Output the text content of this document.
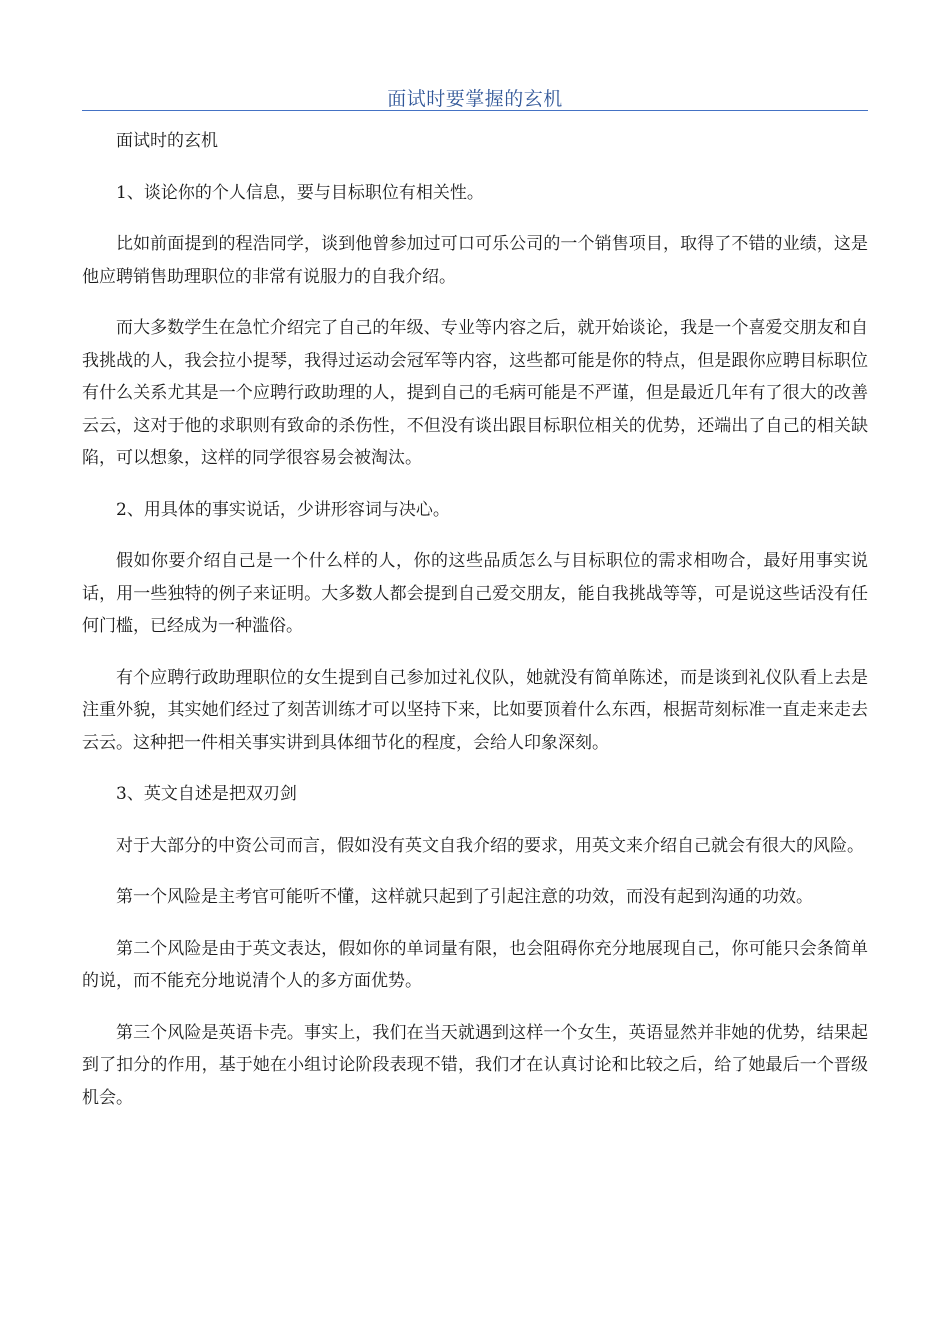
面试时要掌握的玄机

面试时的玄机

1、谈论你的个人信息，要与目标职位有相关性。

比如前面提到的程浩同学，谈到他曾参加过可口可乐公司的一个销售项目，取得了不错的业绩，这是他应聘销售助理职位的非常有说服力的自我介绍。

而大多数学生在急忙介绍完了自己的年级、专业等内容之后，就开始谈论，我是一个喜爱交朋友和自我挑战的人，我会拉小提琴，我得过运动会冠军等内容，这些都可能是你的特点，但是跟你应聘目标职位有什么关系尤其是一个应聘行政助理的人，提到自己的毛病可能是不严谨，但是最近几年有了很大的改善云云，这对于他的求职则有致命的杀伤性，不但没有谈出跟目标职位相关的优势，还端出了自己的相关缺陷，可以想象，这样的同学很容易会被淘汰。

2、用具体的事实说话，少讲形容词与决心。

假如你要介绍自己是一个什么样的人，你的这些品质怎么与目标职位的需求相吻合，最好用事实说话，用一些独特的例子来证明。大多数人都会提到自己爱交朋友，能自我挑战等等，可是说这些话没有任何门槛，已经成为一种滥俗。

有个应聘行政助理职位的女生提到自己参加过礼仪队，她就没有简单陈述，而是谈到礼仪队看上去是注重外貌，其实她们经过了刻苦训练才可以坚持下来，比如要顶着什么东西，根据苛刻标准一直走来走去云云。这种把一件相关事实讲到具体细节化的程度，会给人印象深刻。

3、英文自述是把双刃剑

对于大部分的中资公司而言，假如没有英文自我介绍的要求，用英文来介绍自己就会有很大的风险。

第一个风险是主考官可能听不懂，这样就只起到了引起注意的功效，而没有起到沟通的功效。

第二个风险是由于英文表达，假如你的单词量有限，也会阻碍你充分地展现自己，你可能只会条简单的说，而不能充分地说清个人的多方面优势。

第三个风险是英语卡壳。事实上，我们在当天就遇到这样一个女生，英语显然并非她的优势，结果起到了扣分的作用，基于她在小组讨论阶段表现不错，我们才在认真讨论和比较之后，给了她最后一个晋级机会。
